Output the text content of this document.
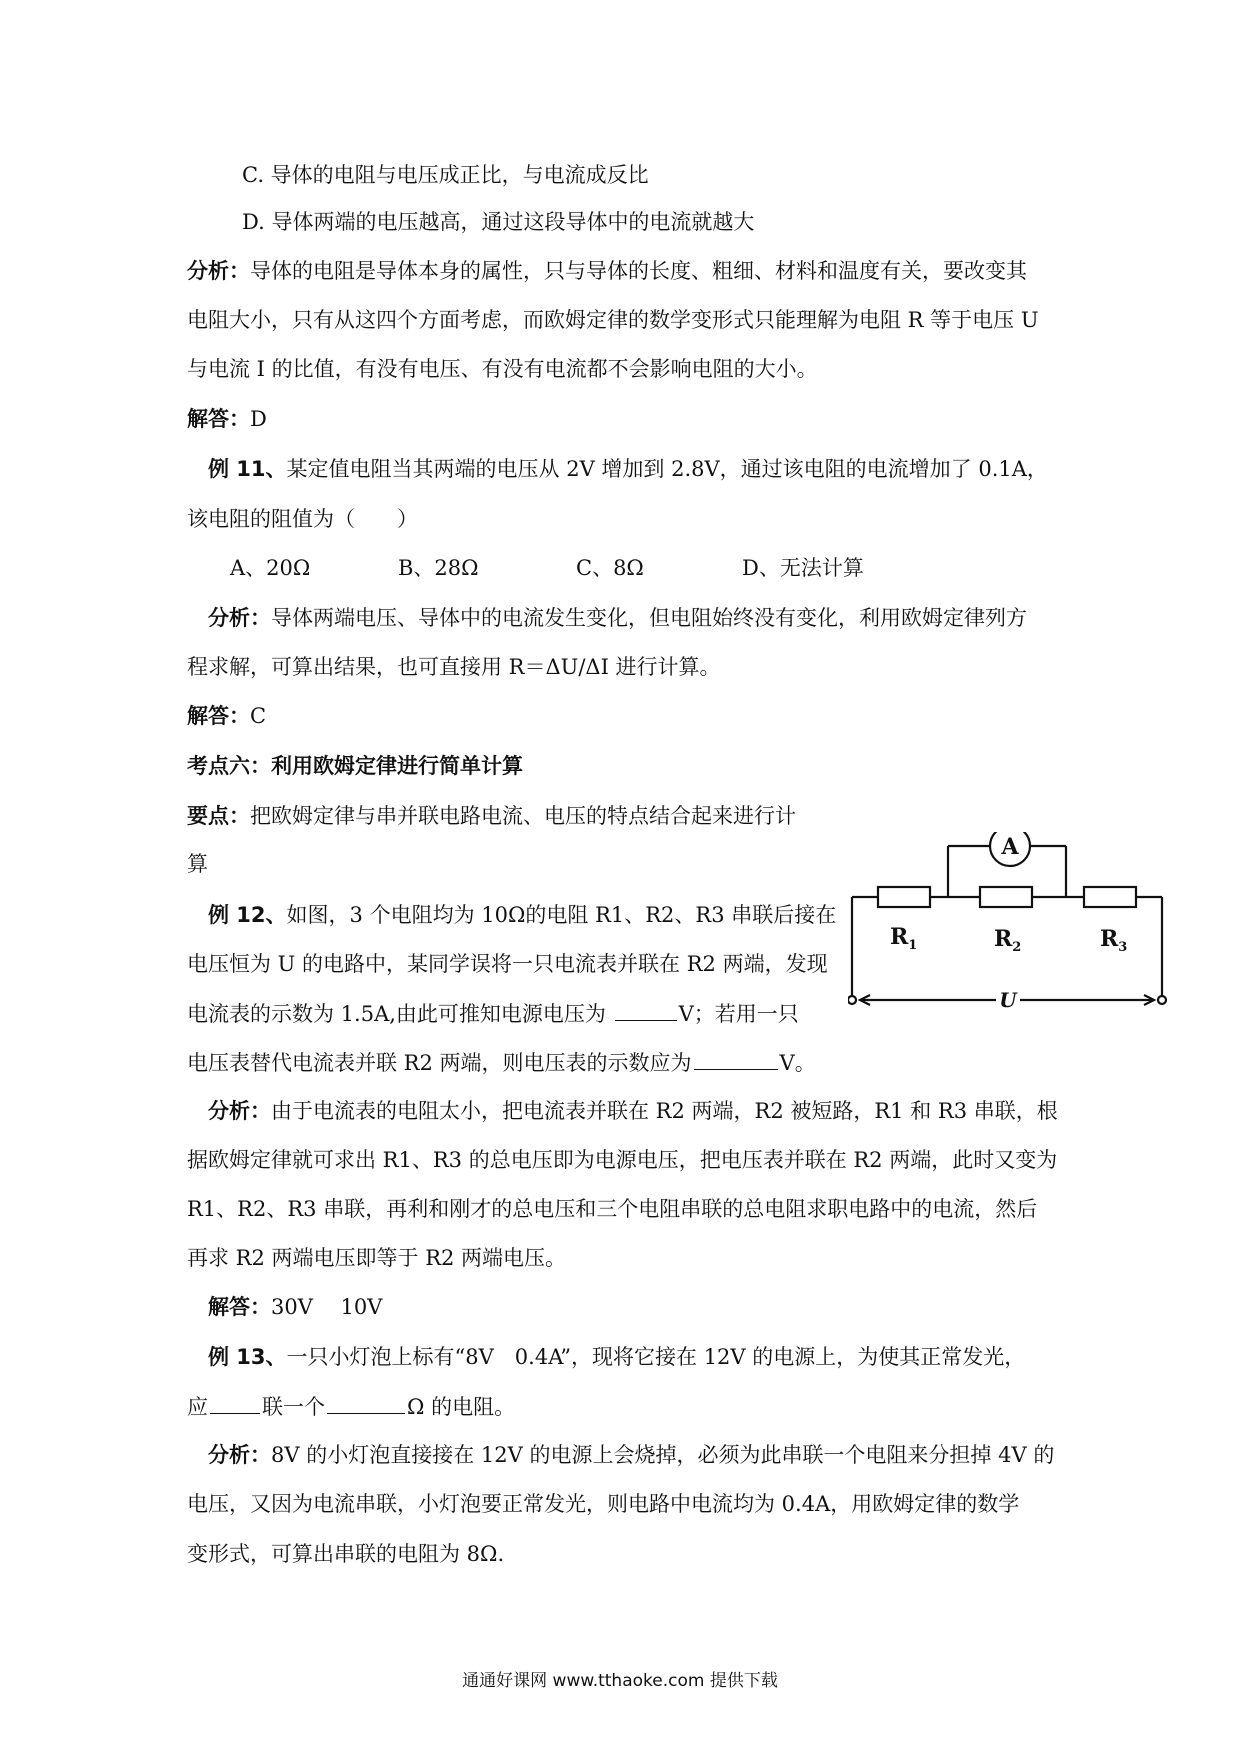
C. 导体的电阻与电压成正比，与电流成反比
D. 导体两端的电压越高，通过这段导体中的电流就越大
分析：导体的电阻是导体本身的属性，只与导体的长度、粗细、材料和温度有关，要改变其
电阻大小，只有从这四个方面考虑，而欧姆定律的数学变形式只能理解为电阻 R 等于电压 U
与电流 I 的比值，有没有电压、有没有电流都不会影响电阻的大小。
解答：D
例 11、某定值电阻当其两端的电压从 2V 增加到 2.8V，通过该电阻的电流增加了 0.1A，
该电阻的阻值为（　　）
A、20Ω	B、28Ω	C、8Ω	D、无法计算
分析：导体两端电压、导体中的电流发生变化，但电阻始终没有变化，利用欧姆定律列方
程求解，可算出结果，也可直接用 R＝ΔU/ΔI 进行计算。
解答：C
考点六：利用欧姆定律进行简单计算
要点：把欧姆定律与串并联电路电流、电压的特点结合起来进行计
算
例 12、如图，3 个电阻均为 10Ω的电阻 R1、R2、R3 串联后接在
电压恒为 U 的电路中，某同学误将一只电流表并联在 R2 两端，发现
电流表的示数为 1.5A,由此可推知电源电压为	V；若用一只
电压表替代电流表并联 R2 两端，则电压表的示数应为	V。
A
$R_1$	$R_2$	$R_3$
U
分析：由于电流表的电阻太小，把电流表并联在 R2 两端，R2 被短路，R1 和 R3 串联，根
据欧姆定律就可求出 R1、R3 的总电压即为电源电压，把电压表并联在 R2 两端，此时又变为
R1、R2、R3 串联，再利和刚才的总电压和三个电阻串联的总电阻求职电路中的电流，然后
再求 R2 两端电压即等于 R2 两端电压。
解答：30V　 10V
例 13、一只小灯泡上标有“8V　0.4A”，现将它接在 12V 的电源上，为使其正常发光，
应	联一个	Ω 的电阻。
分析：8V 的小灯泡直接接在 12V 的电源上会烧掉，必须为此串联一个电阻来分担掉 4V 的
电压，又因为电流串联，小灯泡要正常发光，则电路中电流均为 0.4A，用欧姆定律的数学
变形式，可算出串联的电阻为 8Ω.
通通好课网 www.tthaoke.com 提供下载
